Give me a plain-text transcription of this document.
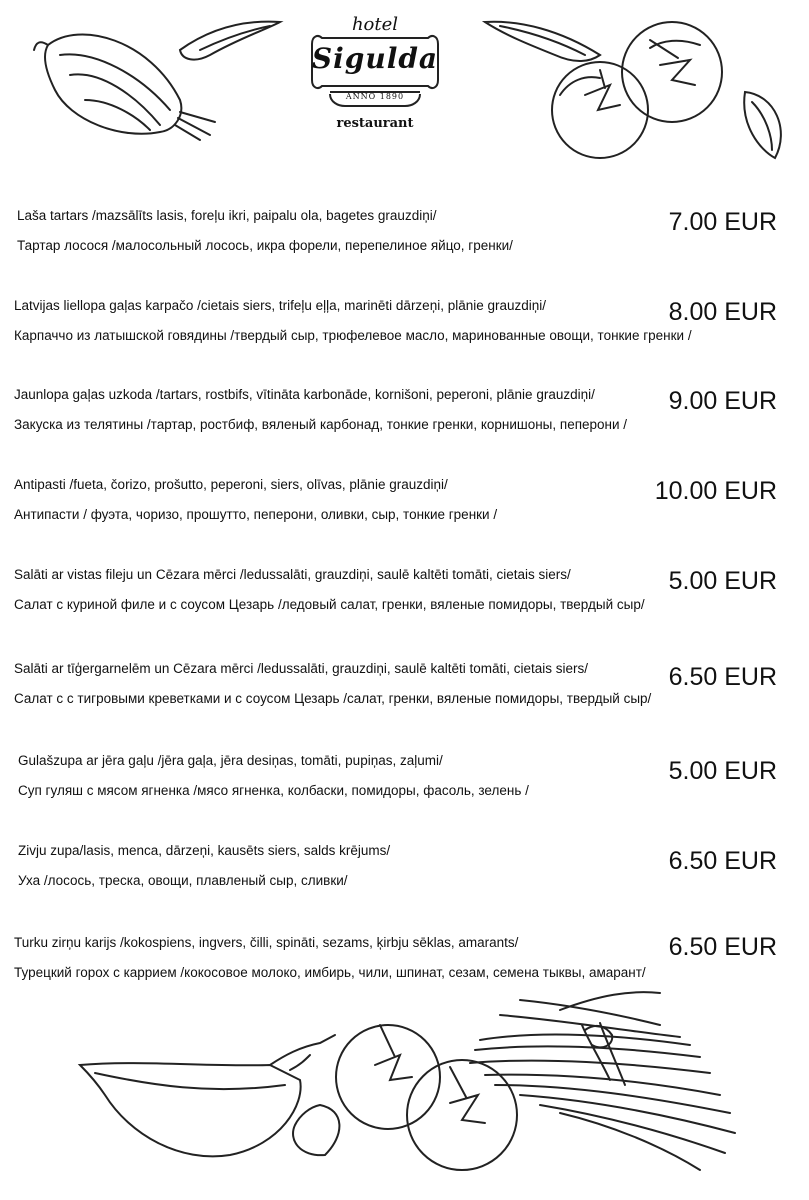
hotel
Sigulda
ANNO 1890
restaurant
Laša tartars /mazsālīts lasis, foreļu ikri, paipalu ola, bagetes grauzdiņi/
Тартар лосося /малосольный лосось, икра форели, перепелиное яйцо, гренки/
7.00 EUR
Latvijas liellopa gaļas karpačo /cietais siers, trifeļu eļļa, marinēti dārzeņi, plānie grauzdiņi/
Карпаччо из латышской говядины /твердый сыр, трюфелевое масло, маринованные овощи, тонкие гренки /
8.00 EUR
Jaunlopa gaļas uzkoda /tartars, rostbifs, vītināta karbonāde, kornišoni, peperoni, plānie grauzdiņi/
Закуска из телятины /тартар, ростбиф, вяленый карбонад, тонкие гренки, корнишоны, пеперони /
9.00 EUR
Antipasti /fueta, čorizo, prošutto, peperoni, siers, olīvas, plānie grauzdiņi/
Антипасти / фуэта, чоризо, прошутто, пеперони, оливки, сыр, тонкие гренки /
10.00 EUR
Salāti ar vistas fileju un Cēzara mērci /ledussalāti, grauzdiņi, saulē kaltēti tomāti, cietais siers/
Салат с куриной филе и с соусом Цезарь /ледовый салат, гренки, вяленые помидоры, твердый сыр/
5.00 EUR
Salāti ar tīģergarnelēm un Cēzara mērci /ledussalāti, grauzdiņi, saulē kaltēti tomāti, cietais siers/
Салат с с тигровыми креветками и с соусом Цезарь /салат, гренки, вяленые помидоры, твердый сыр/
6.50 EUR
Gulašzupa ar jēra gaļu /jēra gaļa, jēra desiņas, tomāti, pupiņas, zaļumi/
Суп гуляш с мясом ягненка /мясо ягненка, колбаски, помидоры, фасоль, зелень /
5.00 EUR
Zivju zupa/lasis, menca, dārzeņi, kausēts siers, salds krējums/
Уха /лосось, треска, овощи, плавленый сыр, сливки/
6.50 EUR
Turku zirņu karijs /kokospiens, ingvers, čilli, spināti, sezams, ķirbju sēklas, amarants/
Турецкий горох с карриeм /кокосовое молоко, имбирь, чили, шпинат, сезам, семена тыквы, амарант/
6.50 EUR
